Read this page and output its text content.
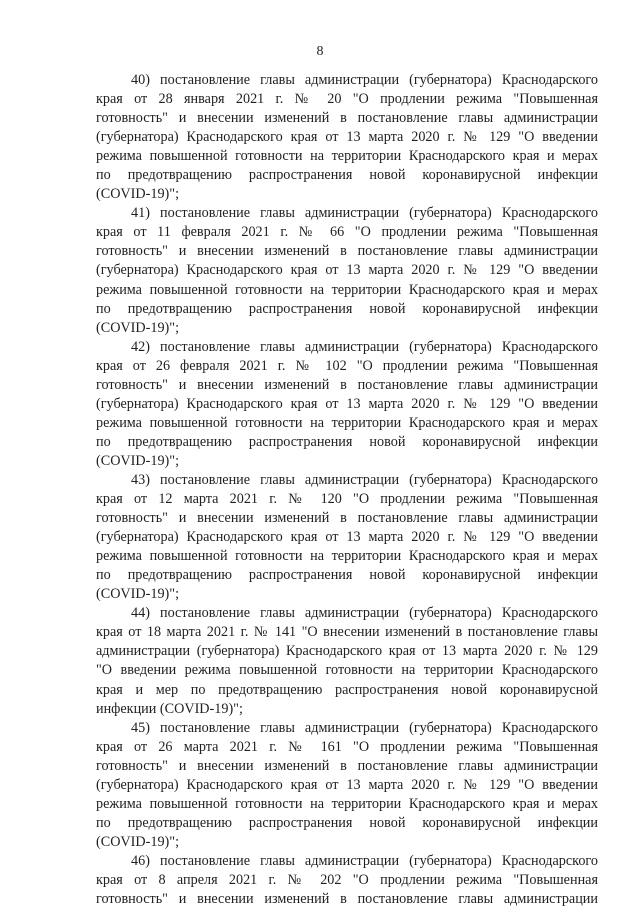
8
40) постановление главы администрации (губернатора) Краснодарского
края от 28 января 2021 г. № 20 "О продлении режима "Повышенная
готовность" и внесении изменений в постановление главы администрации
(губернатора) Краснодарского края от 13 марта 2020 г. № 129 "О введении
режима повышенной готовности на территории Краснодарского края и мерах
по предотвращению распространения новой коронавирусной инфекции
(COVID-19)";
41) постановление главы администрации (губернатора) Краснодарского
края от 11 февраля 2021 г. № 66 "О продлении режима "Повышенная
готовность" и внесении изменений в постановление главы администрации
(губернатора) Краснодарского края от 13 марта 2020 г. № 129 "О введении
режима повышенной готовности на территории Краснодарского края и мерах
по предотвращению распространения новой коронавирусной инфекции
(COVID-19)";
42) постановление главы администрации (губернатора) Краснодарского
края от 26 февраля 2021 г. № 102 "О продлении режима "Повышенная
готовность" и внесении изменений в постановление главы администрации
(губернатора) Краснодарского края от 13 марта 2020 г. № 129 "О введении
режима повышенной готовности на территории Краснодарского края и мерах
по предотвращению распространения новой коронавирусной инфекции
(COVID-19)";
43) постановление главы администрации (губернатора) Краснодарского
края от 12 марта 2021 г. № 120 "О продлении режима "Повышенная
готовность" и внесении изменений в постановление главы администрации
(губернатора) Краснодарского края от 13 марта 2020 г. № 129 "О введении
режима повышенной готовности на территории Краснодарского края и мерах
по предотвращению распространения новой коронавирусной инфекции
(COVID-19)";
44) постановление главы администрации (губернатора) Краснодарского
края от 18 марта 2021 г. № 141 "О внесении изменений в постановление главы
администрации (губернатора) Краснодарского края от 13 марта 2020 г. № 129
"О введении режима повышенной готовности на территории Краснодарского
края и мер по предотвращению распространения новой коронавирусной
инфекции (COVID-19)";
45) постановление главы администрации (губернатора) Краснодарского
края от 26 марта 2021 г. № 161 "О продлении режима "Повышенная
готовность" и внесении изменений в постановление главы администрации
(губернатора) Краснодарского края от 13 марта 2020 г. № 129 "О введении
режима повышенной готовности на территории Краснодарского края и мерах
по предотвращению распространения новой коронавирусной инфекции
(COVID-19)";
46) постановление главы администрации (губернатора) Краснодарского
края от 8 апреля 2021 г. № 202 "О продлении режима "Повышенная
готовность" и внесении изменений в постановление главы администрации
